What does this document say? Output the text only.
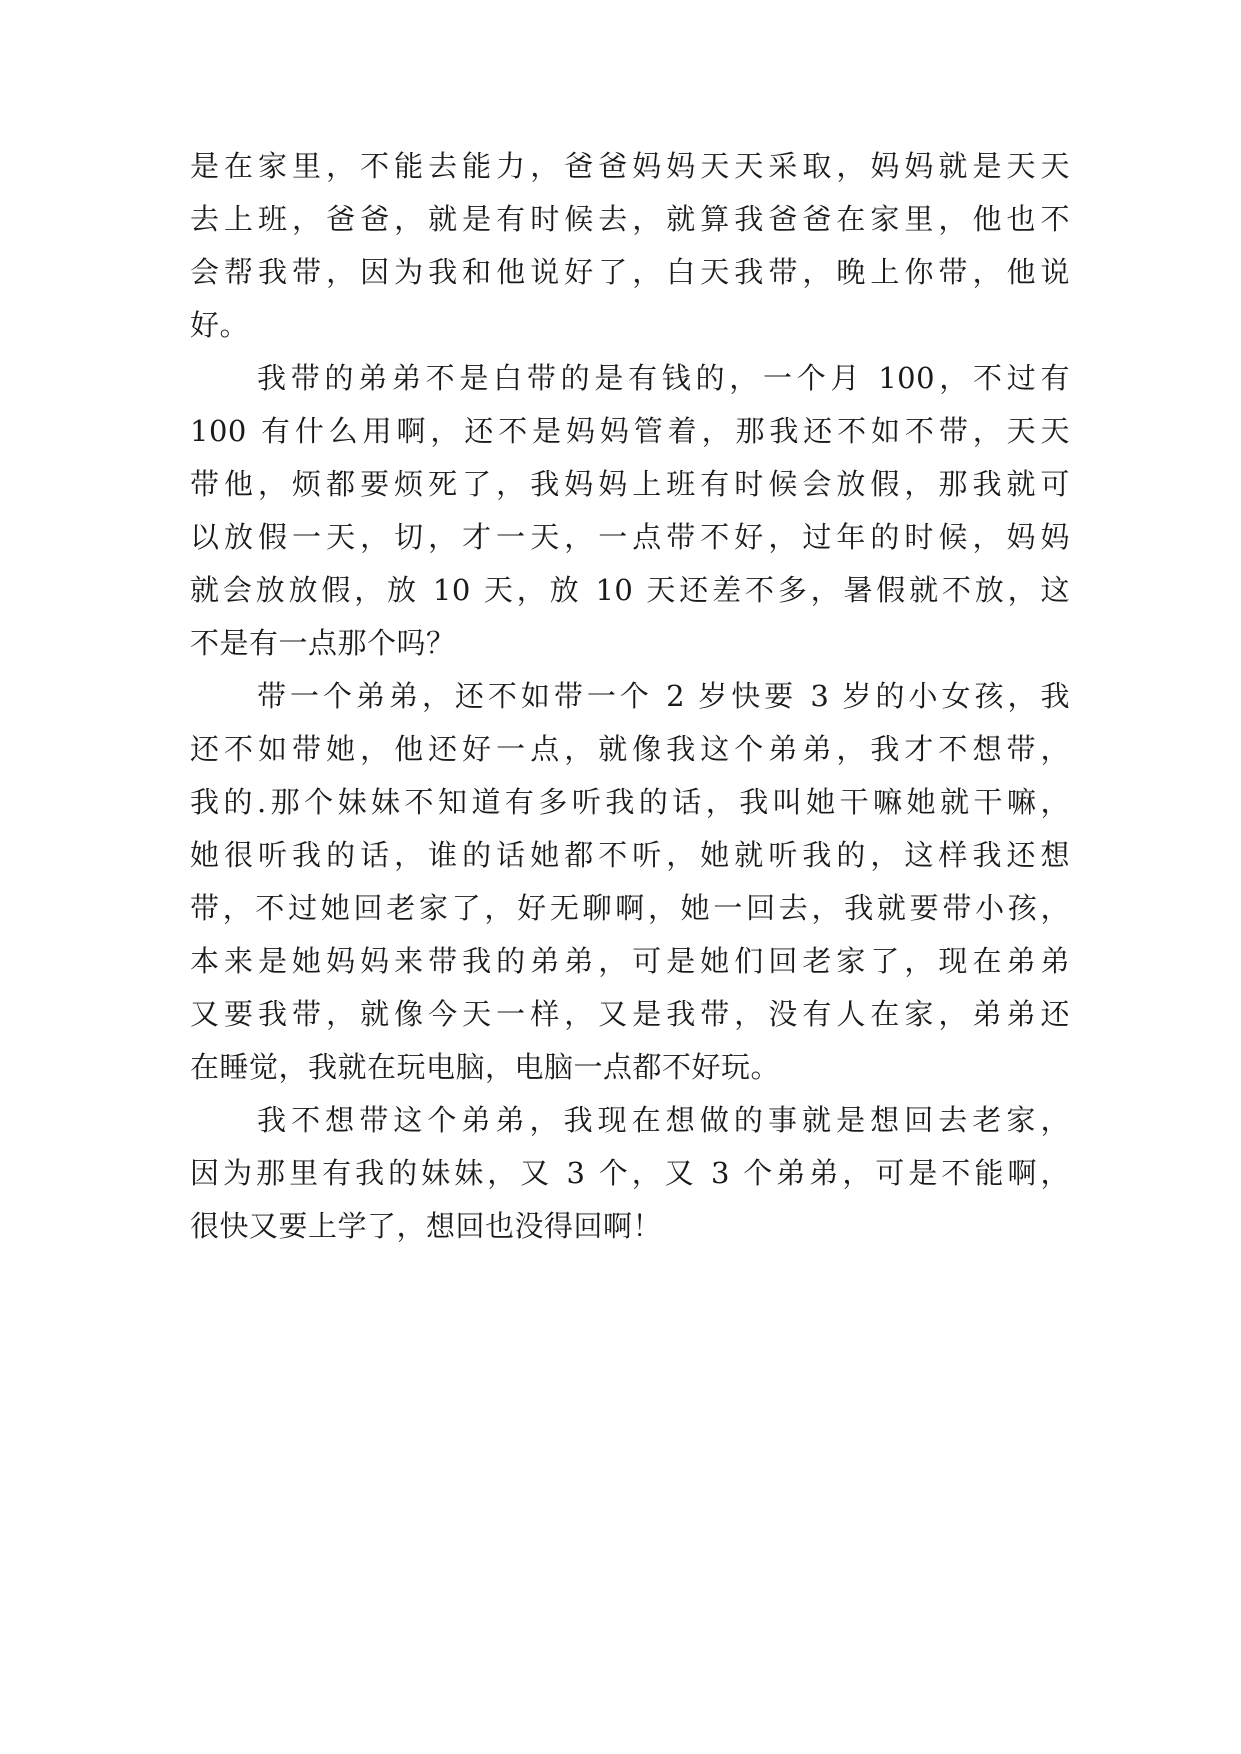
是在家里，不能去能力，爸爸妈妈天天采取，妈妈就是天天
去上班，爸爸，就是有时候去，就算我爸爸在家里，他也不
会帮我带，因为我和他说好了，白天我带，晚上你带，他说
好。
我带的弟弟不是白带的是有钱的，一个月 100，不过有
100 有什么用啊，还不是妈妈管着，那我还不如不带，天天
带他，烦都要烦死了，我妈妈上班有时候会放假，那我就可
以放假一天，切，才一天，一点带不好，过年的时候，妈妈
就会放放假，放 10 天，放 10 天还差不多，暑假就不放，这
不是有一点那个吗？
带一个弟弟，还不如带一个 2 岁快要 3 岁的小女孩，我
还不如带她，他还好一点，就像我这个弟弟，我才不想带，
我的.那个妹妹不知道有多听我的话，我叫她干嘛她就干嘛，
她很听我的话，谁的话她都不听，她就听我的，这样我还想
带，不过她回老家了，好无聊啊，她一回去，我就要带小孩，
本来是她妈妈来带我的弟弟，可是她们回老家了，现在弟弟
又要我带，就像今天一样，又是我带，没有人在家，弟弟还
在睡觉，我就在玩电脑，电脑一点都不好玩。
我不想带这个弟弟，我现在想做的事就是想回去老家，
因为那里有我的妹妹，又 3 个，又 3 个弟弟，可是不能啊，
很快又要上学了，想回也没得回啊！
